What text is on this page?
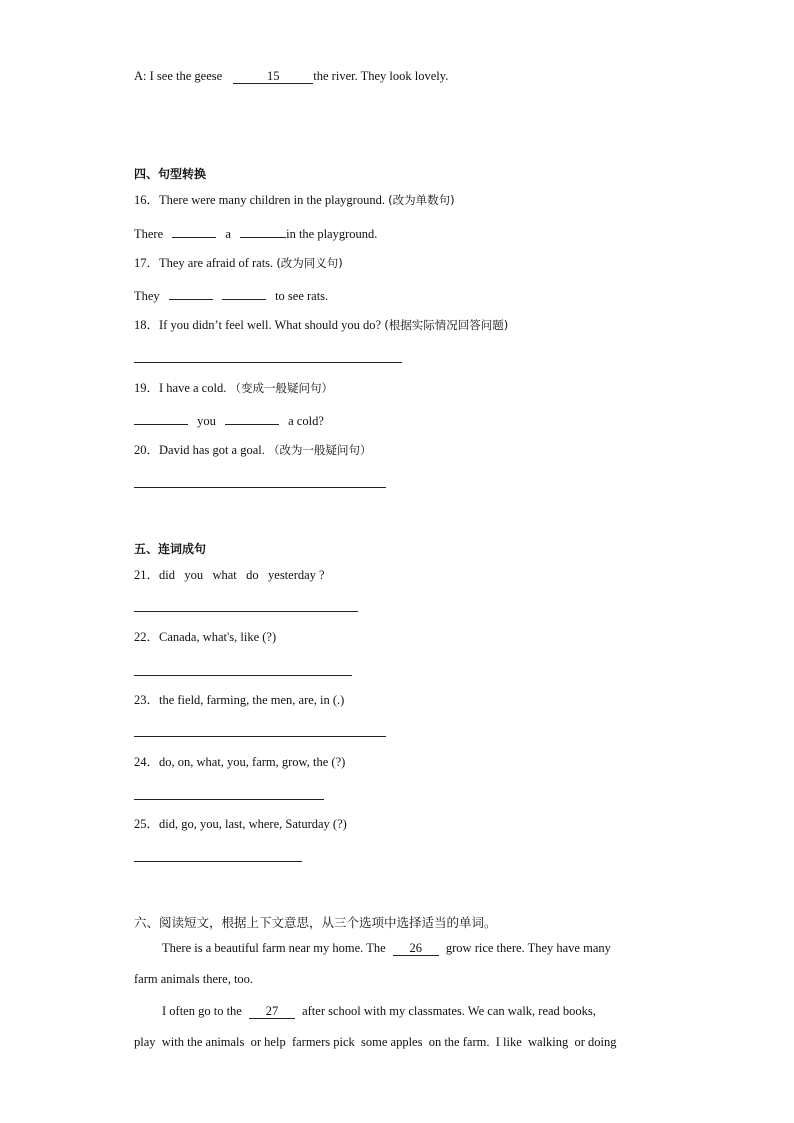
A: I see the geese	15	the river. They look lovely.
四、句型转换
16．There were many children in the playground. (改为单数句)
There	a	in the playground.
17．They are afraid of rats. (改为同义句)
They	to see rats.
18．If you didn’t feel well. What should you do? (根据实际情况回答问题)
19．I have a cold. （变成一般疑问句）
you	a cold?
20．David has got a goal. （改为一般疑问句）
五、连词成句
21．did   you   what   do   yesterday ?
22．Canada, what's, like (?)
23．the field, farming, the men, are, in (.)
24．do, on, what, you, farm, grow, the (?)
25．did, go, you, last, where, Saturday (?)
六、阅读短文，根据上下文意思，从三个选项中选择适当的单词。
There is a beautiful farm near my home. The 26 grow rice there. They have many
farm animals there, too.
I often go to the 27 after school with my classmates. We can walk, read books,
play  with the animals  or help  farmers pick  some apples  on the farm.  I like  walking  or doing
